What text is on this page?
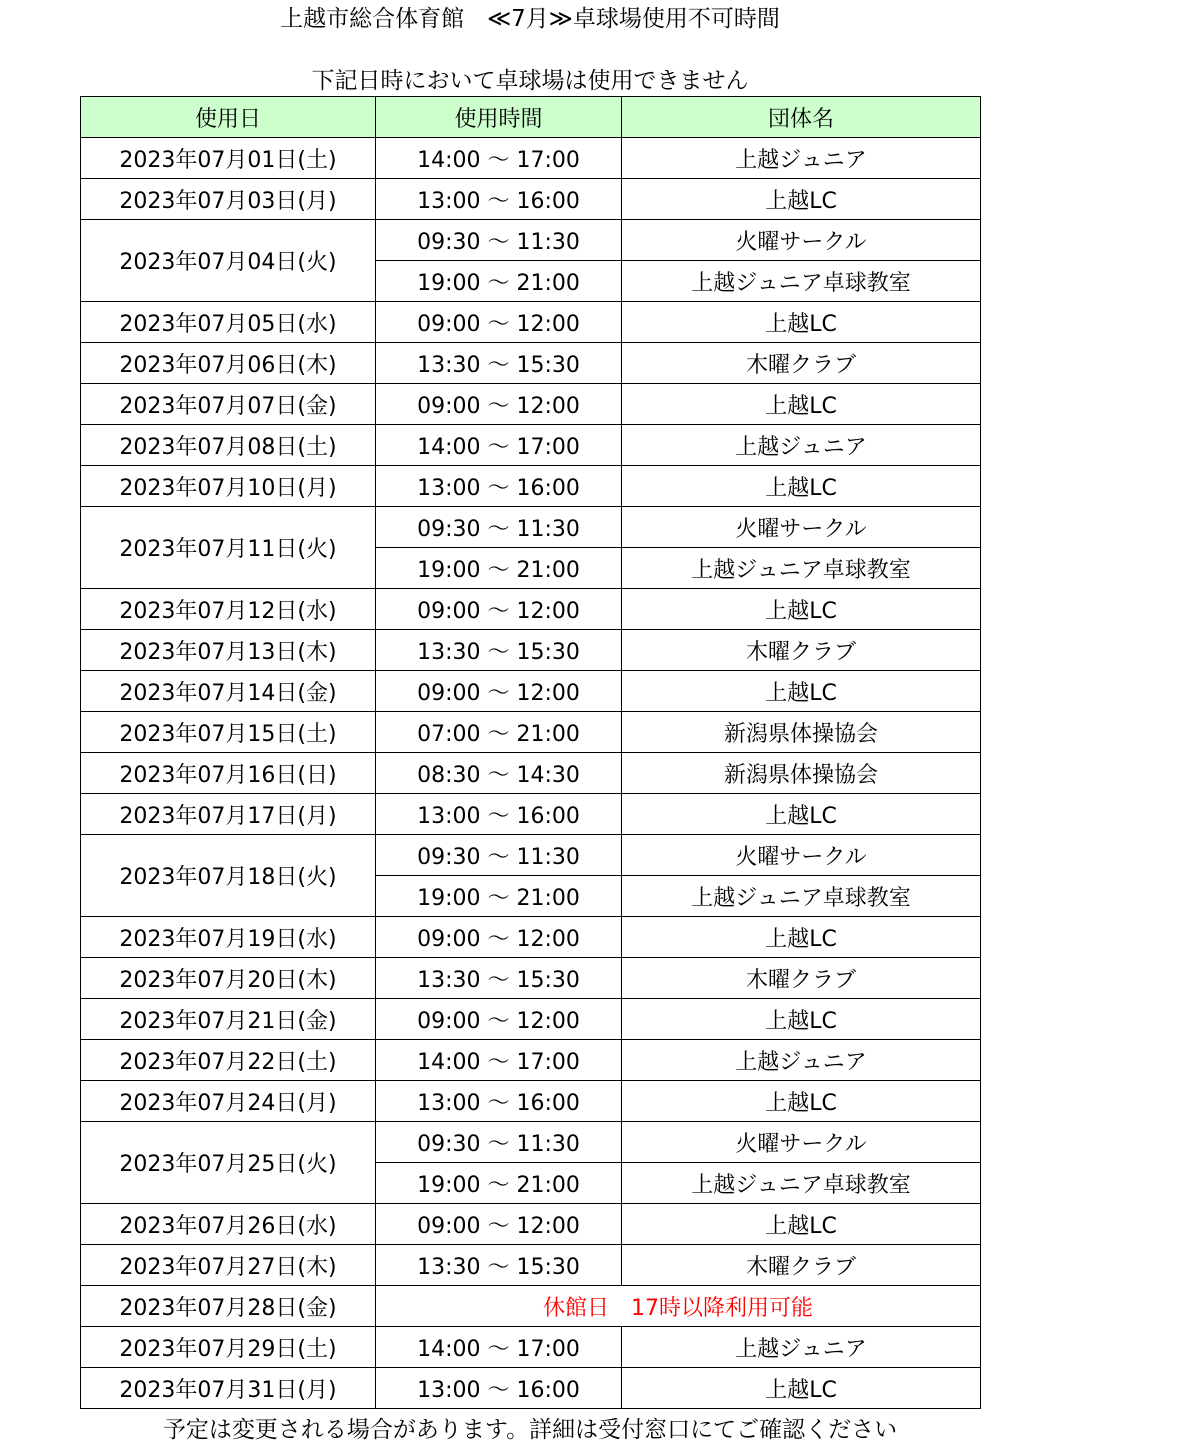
上越市総合体育館　≪7月≫卓球場使用不可時間
下記日時において卓球場は使用できません
使用日	使用時間	団体名
2023年07月01日(土)	14:00 ～ 17:00	上越ジュニア
2023年07月03日(月)	13:00 ～ 16:00	上越LC
2023年07月04日(火)	09:30 ～ 11:30	火曜サークル
	19:00 ～ 21:00	上越ジュニア卓球教室
2023年07月05日(水)	09:00 ～ 12:00	上越LC
2023年07月06日(木)	13:30 ～ 15:30	木曜クラブ
2023年07月07日(金)	09:00 ～ 12:00	上越LC
2023年07月08日(土)	14:00 ～ 17:00	上越ジュニア
2023年07月10日(月)	13:00 ～ 16:00	上越LC
2023年07月11日(火)	09:30 ～ 11:30	火曜サークル
	19:00 ～ 21:00	上越ジュニア卓球教室
2023年07月12日(水)	09:00 ～ 12:00	上越LC
2023年07月13日(木)	13:30 ～ 15:30	木曜クラブ
2023年07月14日(金)	09:00 ～ 12:00	上越LC
2023年07月15日(土)	07:00 ～ 21:00	新潟県体操協会
2023年07月16日(日)	08:30 ～ 14:30	新潟県体操協会
2023年07月17日(月)	13:00 ～ 16:00	上越LC
2023年07月18日(火)	09:30 ～ 11:30	火曜サークル
	19:00 ～ 21:00	上越ジュニア卓球教室
2023年07月19日(水)	09:00 ～ 12:00	上越LC
2023年07月20日(木)	13:30 ～ 15:30	木曜クラブ
2023年07月21日(金)	09:00 ～ 12:00	上越LC
2023年07月22日(土)	14:00 ～ 17:00	上越ジュニア
2023年07月24日(月)	13:00 ～ 16:00	上越LC
2023年07月25日(火)	09:30 ～ 11:30	火曜サークル
	19:00 ～ 21:00	上越ジュニア卓球教室
2023年07月26日(水)	09:00 ～ 12:00	上越LC
2023年07月27日(木)	13:30 ～ 15:30	木曜クラブ
2023年07月28日(金)	休館日　17時以降利用可能	
2023年07月29日(土)	14:00 ～ 17:00	上越ジュニア
2023年07月31日(月)	13:00 ～ 16:00	上越LC
予定は変更される場合があります。詳細は受付窓口にてご確認ください
